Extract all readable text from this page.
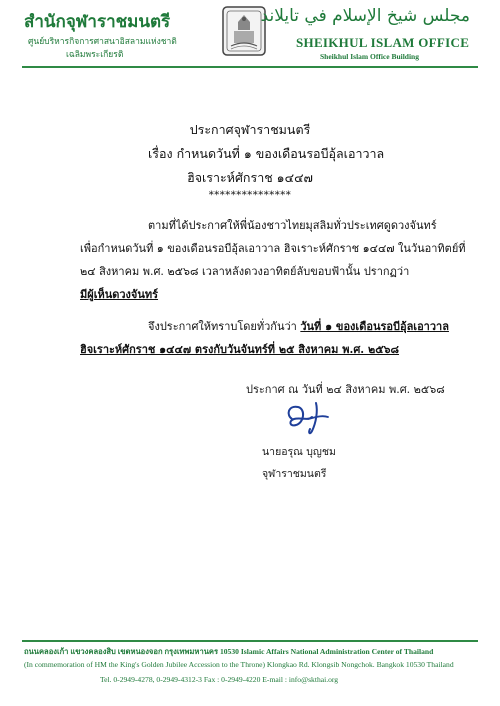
สำนักจุฬาราชมนตรี
ศูนย์บริหารกิจการศาสนาอิสลามแห่งชาติ
เฉลิมพระเกียรติ
مجلس شيخ الإسلام في تايلاند
SHEIKHUL ISLAM OFFICE
Sheikhul Islam Office Building
ประกาศจุฬาราชมนตรี
เรื่อง กำหนดวันที่ ๑ ของเดือนรอบีอุ้ลเอาวาล
ฮิจเราะห์ศักราช ๑๔๔๗
***************
ตามที่ได้ประกาศให้พี่น้องชาวไทยมุสลิมทั่วประเทศดูดวงจันทร์
เพื่อกำหนดวันที่ ๑ ของเดือนรอบีอุ้ลเอาวาล ฮิจเราะห์ศักราช ๑๔๔๗ ในวันอาทิตย์ที่
๒๔ สิงหาคม พ.ศ. ๒๕๖๘ เวลาหลังดวงอาทิตย์ลับขอบฟ้านั้น ปรากฏว่า
มีผู้เห็นดวงจันทร์
จึงประกาศให้ทราบโดยทั่วกันว่า วันที่ ๑ ของเดือนรอบีอุ้ลเอาวาล
ฮิจเราะห์ศักราช ๑๔๔๗ ตรงกับวันจันทร์ที่ ๒๕ สิงหาคม พ.ศ. ๒๕๖๘
ประกาศ ณ วันที่ ๒๔ สิงหาคม พ.ศ. ๒๕๖๘
นายอรุณ บุญชม
จุฬาราชมนตรี
ถนนคลองเก้า แขวงคลองสิบ เขตหนองจอก กรุงเทพมหานคร 10530 Islamic Affairs National Administration Center of Thailand
(In commemoration of HM the King's Golden Jubilee Accession to the Throne) Klongkao Rd. Klongsib Nongchok. Bangkok 10530 Thailand
Tel. 0-2949-4278, 0-2949-4312-3 Fax : 0-2949-4220 E-mail : info@skthai.org
